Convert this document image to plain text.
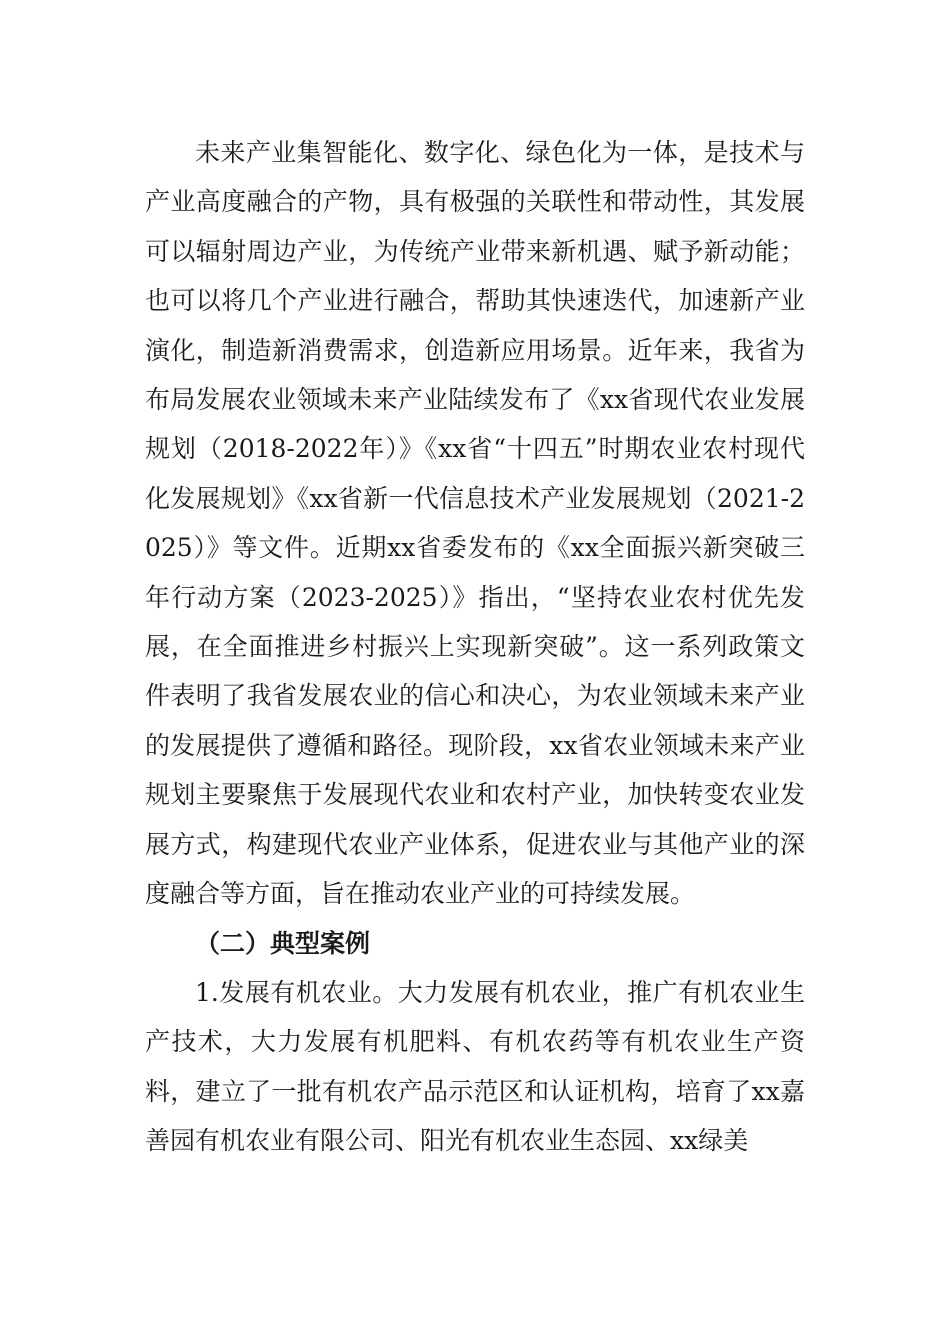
未来产业集智能化、数字化、绿色化为一体，是技术与产业高度融合的产物，具有极强的关联性和带动性，其发展可以辐射周边产业，为传统产业带来新机遇、赋予新动能；也可以将几个产业进行融合，帮助其快速迭代，加速新产业演化，制造新消费需求，创造新应用场景。近年来，我省为布局发展农业领域未来产业陆续发布了《xx省现代农业发展规划（2018-2022年）》《xx省“十四五”时期农业农村现代化发展规划》《xx省新一代信息技术产业发展规划（2021-2025）》等文件。近期xx省委发布的《xx全面振兴新突破三年行动方案（2023-2025）》指出，“坚持农业农村优先发展，在全面推进乡村振兴上实现新突破”。这一系列政策文件表明了我省发展农业的信心和决心，为农业领域未来产业的发展提供了遵循和路径。现阶段，xx省农业领域未来产业规划主要聚焦于发展现代农业和农村产业，加快转变农业发展方式，构建现代农业产业体系，促进农业与其他产业的深度融合等方面，旨在推动农业产业的可持续发展。

（二）典型案例

1.发展有机农业。大力发展有机农业，推广有机农业生产技术，大力发展有机肥料、有机农药等有机农业生产资料，建立了一批有机农产品示范区和认证机构，培育了xx嘉善园有机农业有限公司、阳光有机农业生态园、xx绿美
